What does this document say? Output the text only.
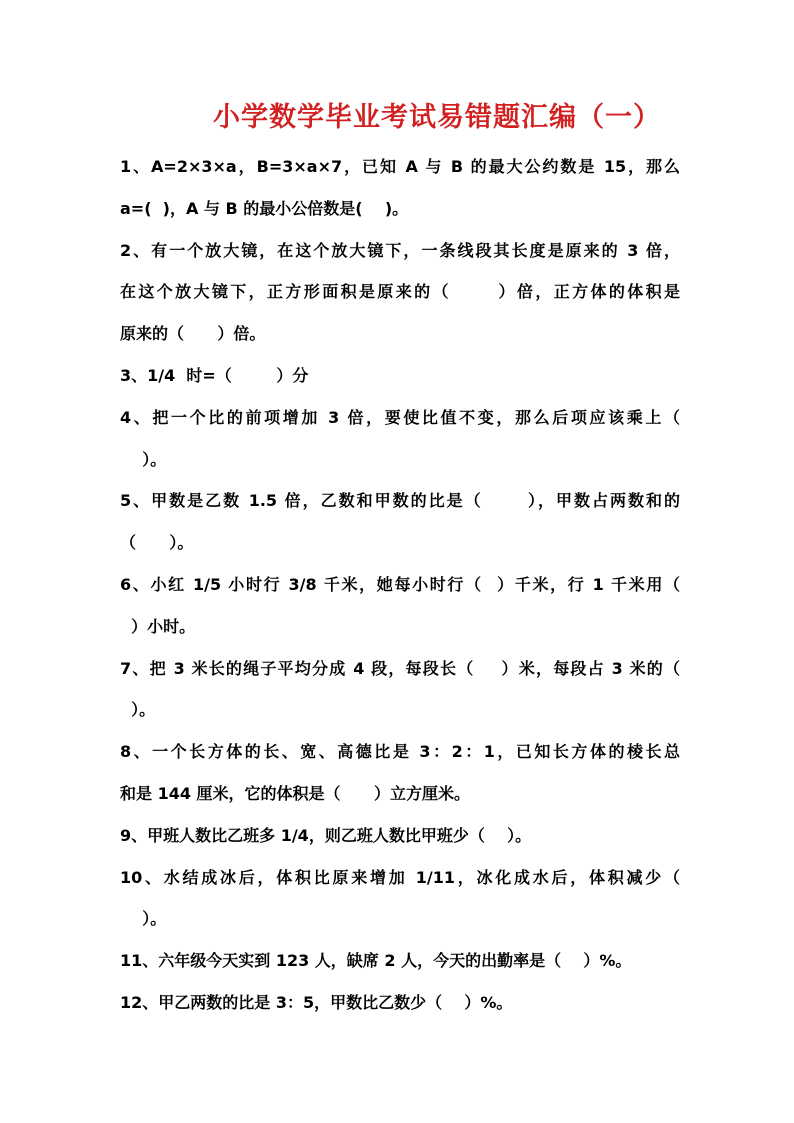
小学数学毕业考试易错题汇编（一）
1、A=2×3×a，B=3×a×7，已知 A 与 B 的最大公约数是 15，那么
a=(  )，A 与 B 的最小公倍数是(    )。
2、有一个放大镜，在这个放大镜下，一条线段其长度是原来的 3 倍，
在这个放大镜下，正方形面积是原来的（      ）倍，正方体的体积是
原来的（      ）倍。
3、1/4  时=（        ）分
4、把一个比的前项增加 3 倍，要使比值不变，那么后项应该乘上（
）。
5、甲数是乙数 1.5 倍，乙数和甲数的比是（      ），甲数占两数和的
（      ）。
6、小红 1/5 小时行 3/8 千米，她每小时行（  ）千米，行 1 千米用（
）小时。
7、把 3 米长的绳子平均分成 4 段，每段长（    ）米，每段占 3 米的（
）。
8、一个长方体的长、宽、高德比是 3：2：1，已知长方体的棱长总
和是 144 厘米，它的体积是（      ）立方厘米。
9、甲班人数比乙班多 1/4，则乙班人数比甲班少（    ）。
10、水结成冰后，体积比原来增加 1/11，冰化成水后，体积减少（
）。
11、六年级今天实到 123 人，缺席 2 人，今天的出勤率是（    ）%。
12、甲乙两数的比是 3：5，甲数比乙数少（    ）%。
